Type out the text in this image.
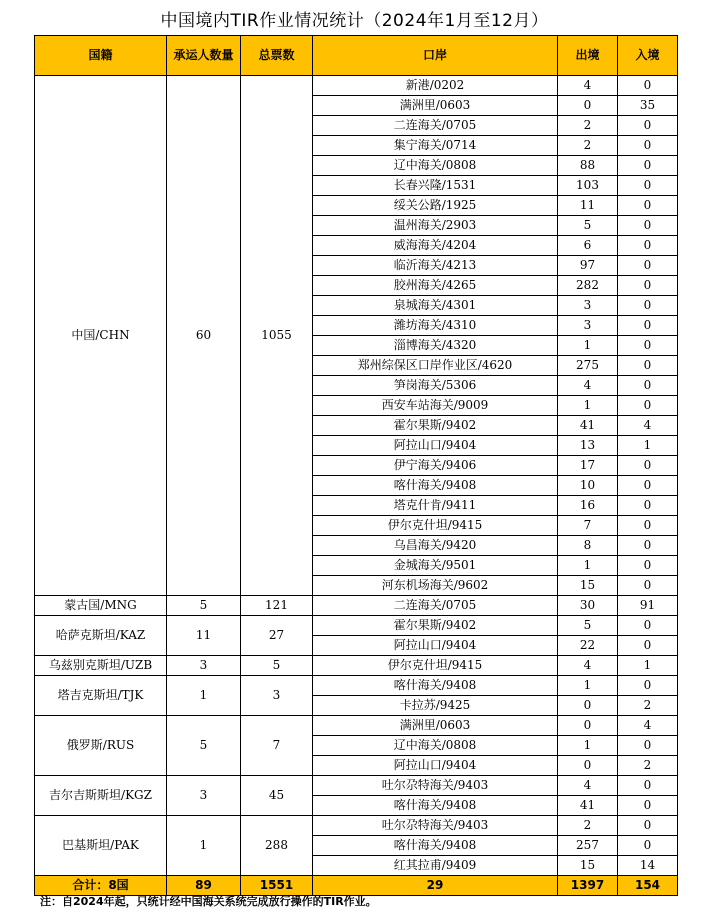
中国境内TIR作业情况统计（2024年1月至12月）
国籍	承运人数量	总票数	口岸	出境	入境
中国/CHN	60	1055	新港/0202	4	0
			满洲里/0603	0	35
			二连海关/0705	2	0
			集宁海关/0714	2	0
			辽中海关/0808	88	0
			长春兴隆/1531	103	0
			绥关公路/1925	11	0
			温州海关/2903	5	0
			威海海关/4204	6	0
			临沂海关/4213	97	0
			胶州海关/4265	282	0
			泉城海关/4301	3	0
			潍坊海关/4310	3	0
			淄博海关/4320	1	0
			郑州综保区口岸作业区/4620	275	0
			笋岗海关/5306	4	0
			西安车站海关/9009	1	0
			霍尔果斯/9402	41	4
			阿拉山口/9404	13	1
			伊宁海关/9406	17	0
			喀什海关/9408	10	0
			塔克什肯/9411	16	0
			伊尔克什坦/9415	7	0
			乌昌海关/9420	8	0
			金城海关/9501	1	0
			河东机场海关/9602	15	0
蒙古国/MNG	5	121	二连海关/0705	30	91
哈萨克斯坦/KAZ	11	27	霍尔果斯/9402	5	0
			阿拉山口/9404	22	0
乌兹别克斯坦/UZB	3	5	伊尔克什坦/9415	4	1
塔吉克斯坦/TJK	1	3	喀什海关/9408	1	0
			卡拉苏/9425	0	2
俄罗斯/RUS	5	7	满洲里/0603	0	4
			辽中海关/0808	1	0
			阿拉山口/9404	0	2
吉尔吉斯斯坦/KGZ	3	45	吐尔尕特海关/9403	4	0
			喀什海关/9408	41	0
巴基斯坦/PAK	1	288	吐尔尕特海关/9403	2	0
			喀什海关/9408	257	0
			红其拉甫/9409	15	14
合计：8国	89	1551	29	1397	154
注：自2024年起，只统计经中国海关系统完成放行操作的TIR作业。
